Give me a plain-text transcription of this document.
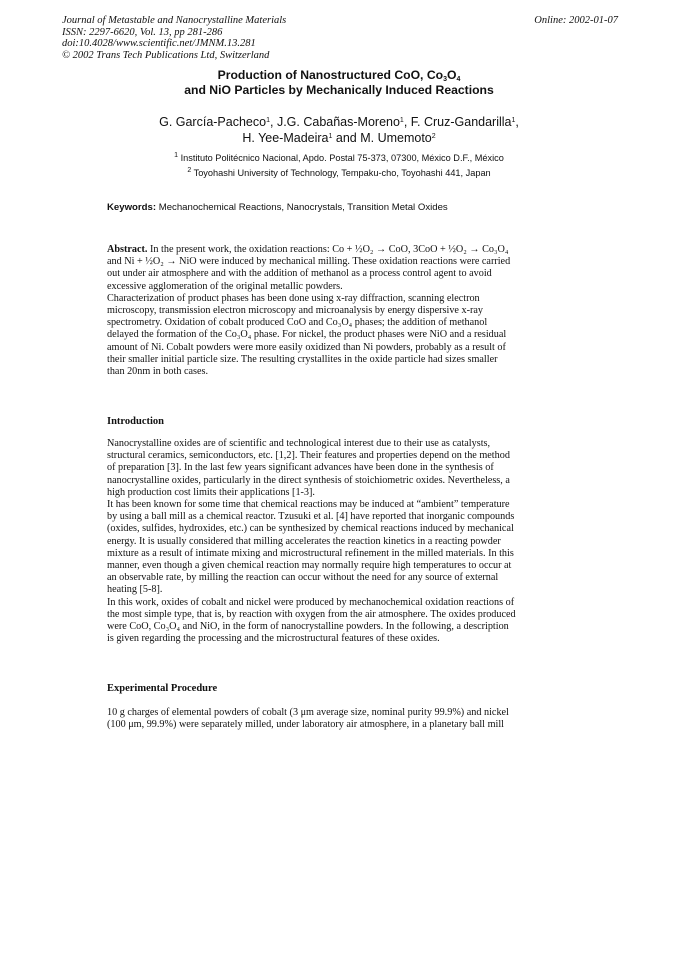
Journal of Metastable and Nanocrystalline Materials
ISSN: 2297-6620, Vol. 13, pp 281-286
doi:10.4028/www.scientific.net/JMNM.13.281
© 2002 Trans Tech Publications Ltd, Switzerland
Online: 2002-01-07
Production of Nanostructured CoO, $Co_3O_4$
and NiO Particles by Mechanically Induced Reactions
G. García-Pacheco$^1$, J.G. Cabañas-Moreno$^1$, F. Cruz-Gandarilla$^1$,
H. Yee-Madeira$^1$ and M. Umemoto$^2$
$^1$ Instituto Politécnico Nacional, Apdo. Postal 75-373, 07300, México D.F., México
$^2$ Toyohashi University of Technology, Tempaku-cho, Toyohashi 441, Japan
Keywords: Mechanochemical Reactions, Nanocrystals, Transition Metal Oxides
Abstract. In the present work, the oxidation reactions: Co + ½O₂ → CoO, 3CoO + ½O₂ → Co₃O₄
and Ni + ½O₂ → NiO were induced by mechanical milling. These oxidation reactions were carried
out under air atmosphere and with the addition of methanol as a process control agent to avoid
excessive agglomeration of the original metallic powders.
Characterization of product phases has been done using x-ray diffraction, scanning electron
microscopy, transmission electron microscopy and microanalysis by energy dispersive x-ray
spectrometry. Oxidation of cobalt produced CoO and Co₃O₄ phases; the addition of methanol
delayed the formation of the Co₃O₄ phase. For nickel, the product phases were NiO and a residual
amount of Ni. Cobalt powders were more easily oxidized than Ni powders, probably as a result of
their smaller initial particle size. The resulting crystallites in the oxide particle had sizes smaller
than 20nm in both cases.
Introduction
Nanocrystalline oxides are of scientific and technological interest due to their use as catalysts,
structural ceramics, semiconductors, etc. [1,2]. Their features and properties depend on the method
of preparation [3]. In the last few years significant advances have been done in the synthesis of
nanocrystalline oxides, particularly in the direct synthesis of stoichiometric oxides. Nevertheless, a
high production cost limits their applications [1-3].
It has been known for some time that chemical reactions may be induced at “ambient” temperature
by using a ball mill as a chemical reactor. Tzusuki et al. [4] have reported that inorganic compounds
(oxides, sulfides, hydroxides, etc.) can be synthesized by chemical reactions induced by mechanical
energy. It is usually considered that milling accelerates the reaction kinetics in a reacting powder
mixture as a result of intimate mixing and microstructural refinement in the milled materials. In this
manner, even though a given chemical reaction may normally require high temperatures to occur at
an observable rate, by milling the reaction can occur without the need for any source of external
heating [5-8].
In this work, oxides of cobalt and nickel were produced by mechanochemical oxidation reactions of
the most simple type, that is, by reaction with oxygen from the air atmosphere. The oxides produced
were CoO, Co₃O₄ and NiO, in the form of nanocrystalline powders. In the following, a description
is given regarding the processing and the microstructural features of these oxides.
Experimental Procedure
10 g charges of elemental powders of cobalt (3 μm average size, nominal purity 99.9%) and nickel
(100 μm, 99.9%) were separately milled, under laboratory air atmosphere, in a planetary ball mill
